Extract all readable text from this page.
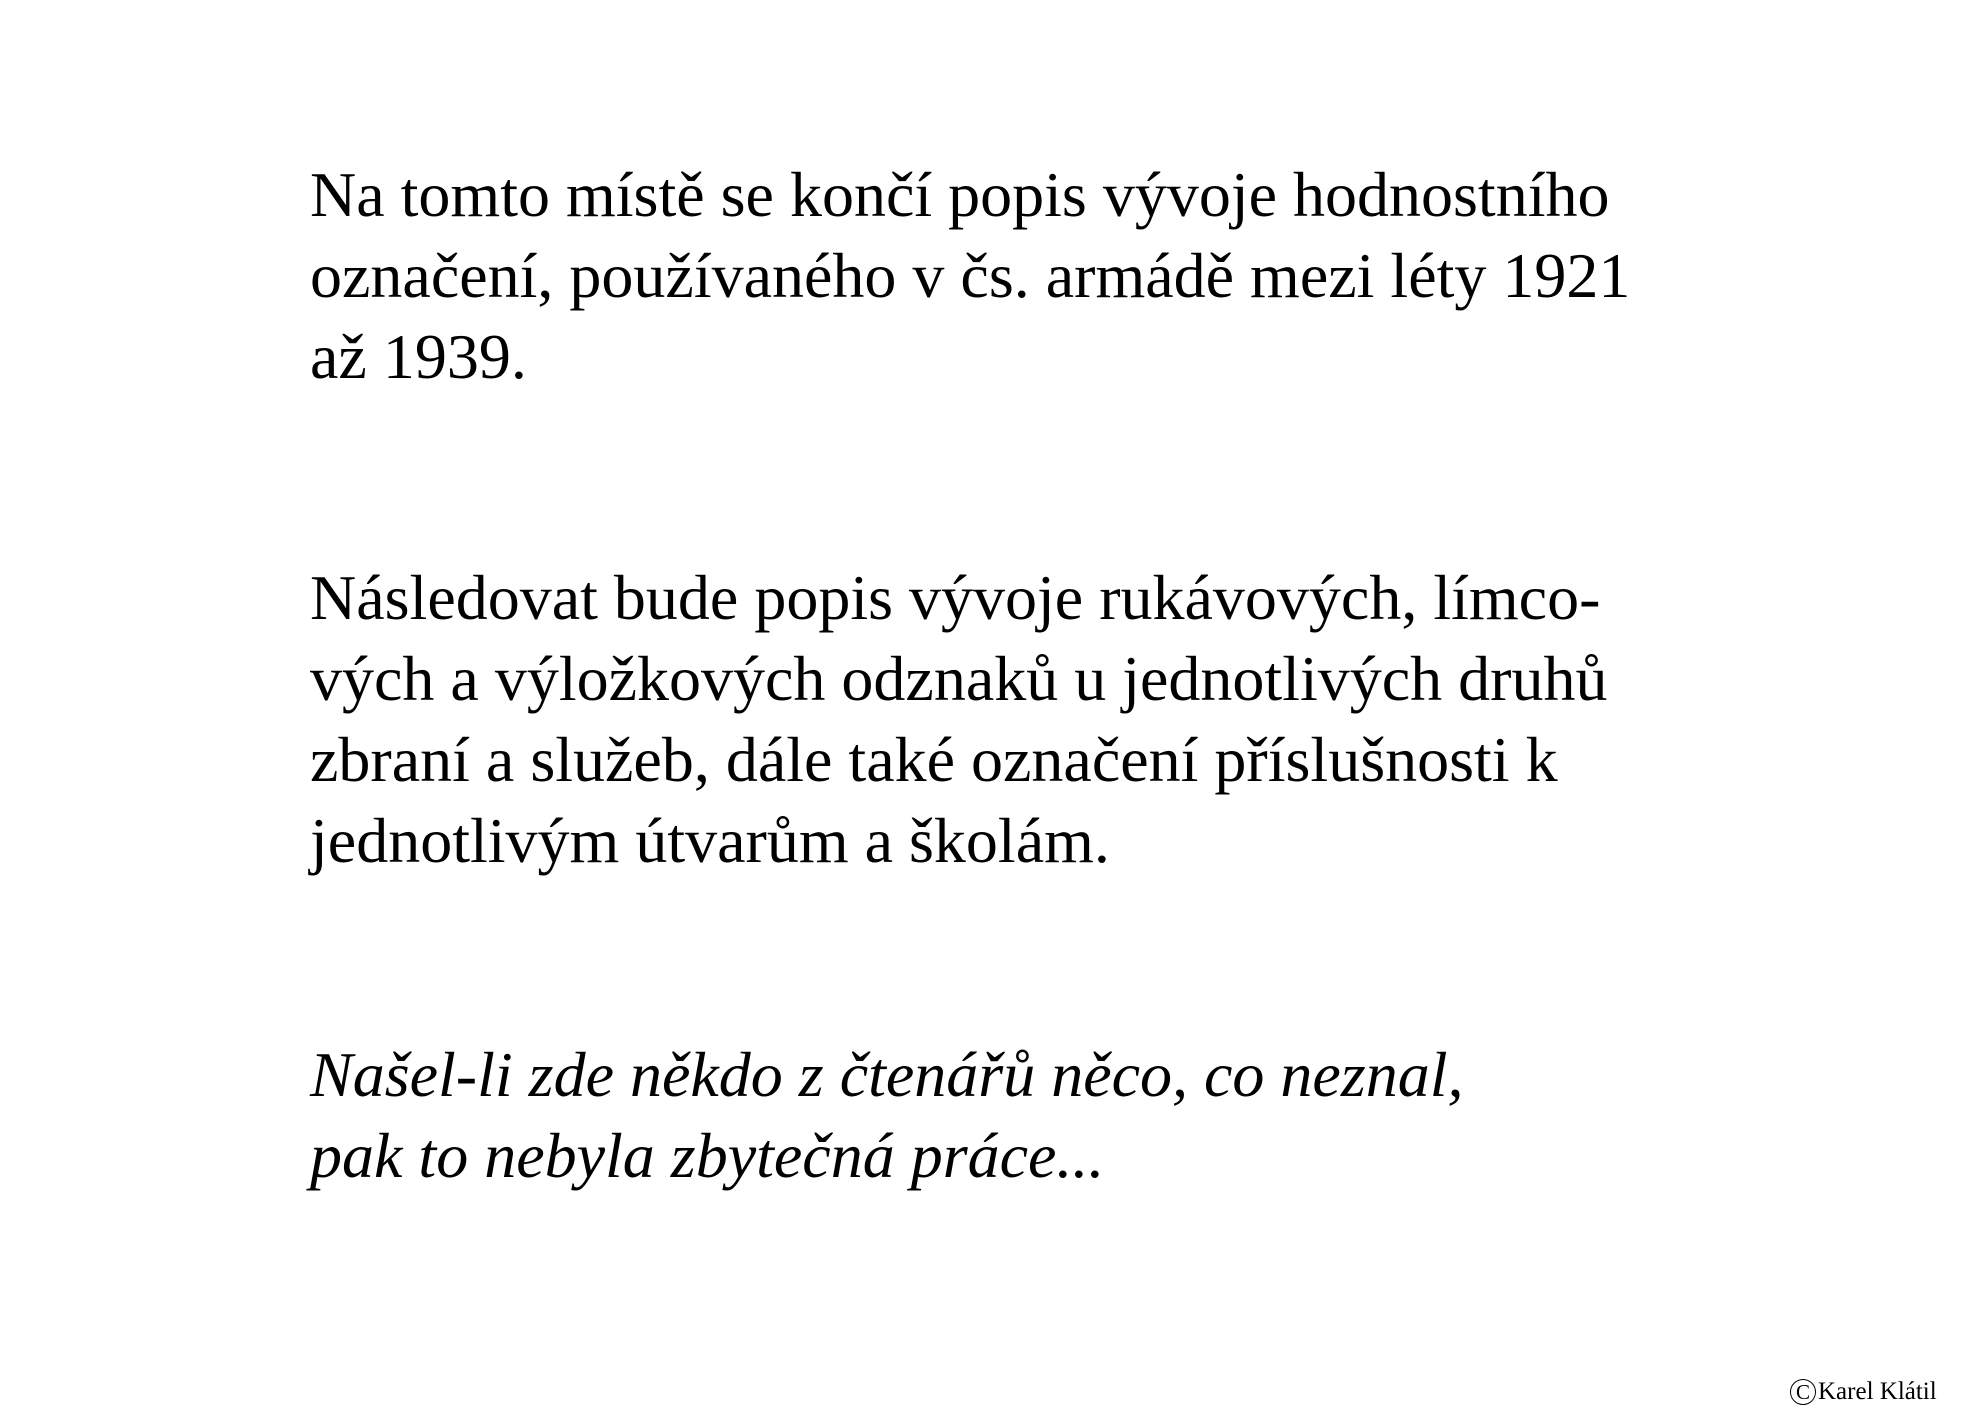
Na tomto místě se končí popis vývoje hodnostního
označení, používaného v čs. armádě mezi léty 1921
až 1939.

Následovat bude popis vývoje rukávových, límco-
vých a výložkových odznaků u jednotlivých druhů
zbraní a služeb, dále také označení příslušnosti k
jednotlivým útvarům a školám.

Našel-li zde někdo z čtenářů něco, co neznal,
pak to nebyla zbytečná práce...

C Karel Klátil
